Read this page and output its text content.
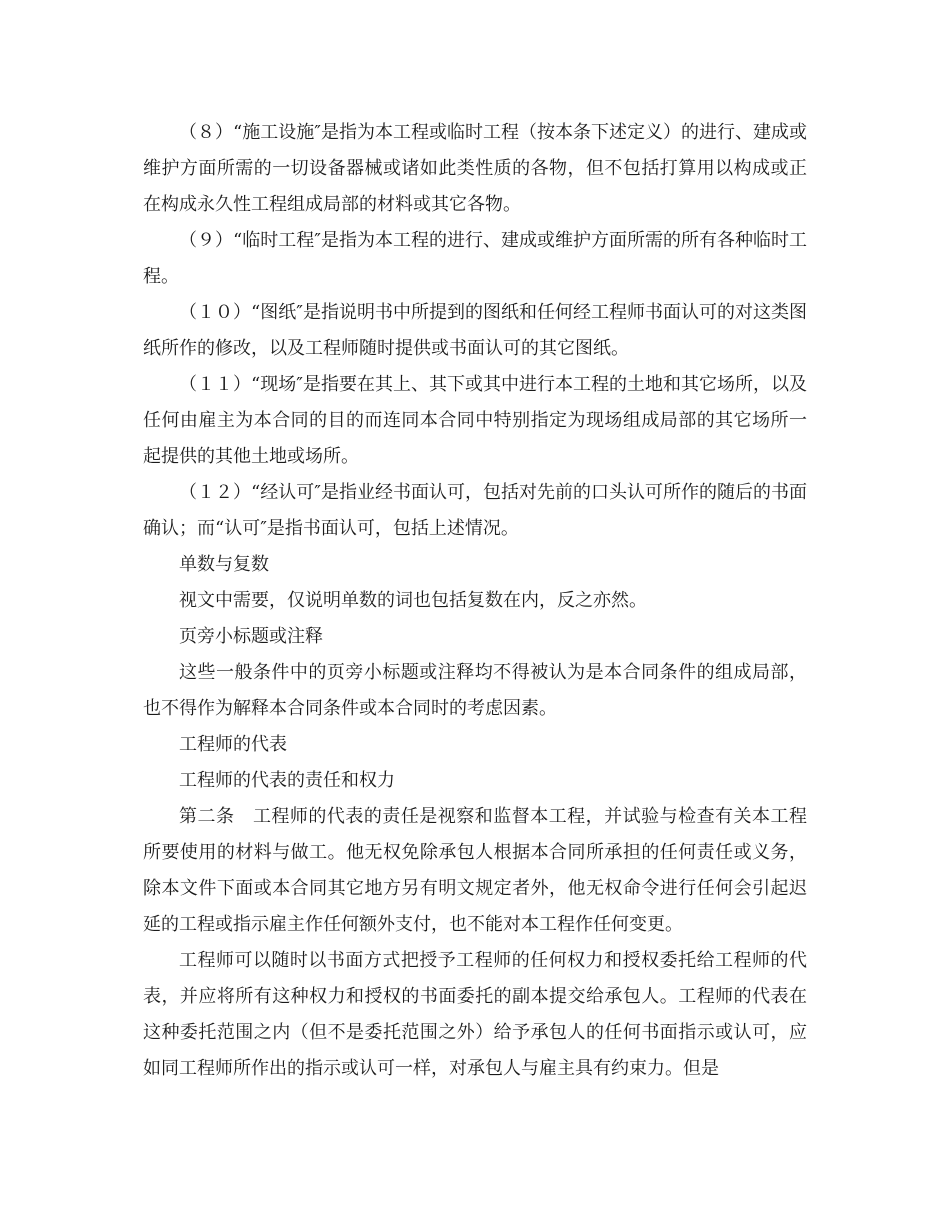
（８）“施工设施″是指为本工程或临时工程（按本条下述定义）的进行、建成或维护方面所需的一切设备器械或诸如此类性质的各物，但不包括打算用以构成或正在构成永久性工程组成局部的材料或其它各物。

（９）“临时工程″是指为本工程的进行、建成或维护方面所需的所有各种临时工程。

（１０）“图纸″是指说明书中所提到的图纸和任何经工程师书面认可的对这类图纸所作的修改，以及工程师随时提供或书面认可的其它图纸。

（１１）“现场″是指要在其上、其下或其中进行本工程的土地和其它场所，以及任何由雇主为本合同的目的而连同本合同中特别指定为现场组成局部的其它场所一起提供的其他土地或场所。

（１２）“经认可″是指业经书面认可，包括对先前的口头认可所作的随后的书面确认；而“认可″是指书面认可，包括上述情况。

单数与复数

视文中需要，仅说明单数的词也包括复数在内，反之亦然。

页旁小标题或注释

这些一般条件中的页旁小标题或注释均不得被认为是本合同条件的组成局部，也不得作为解释本合同条件或本合同时的考虑因素。

工程师的代表

工程师的代表的责任和权力

第二条　工程师的代表的责任是视察和监督本工程，并试验与检查有关本工程所要使用的材料与做工。他无权免除承包人根据本合同所承担的任何责任或义务，除本文件下面或本合同其它地方另有明文规定者外，他无权命令进行任何会引起迟延的工程或指示雇主作任何额外支付，也不能对本工程作任何变更。

工程师可以随时以书面方式把授予工程师的任何权力和授权委托给工程师的代表，并应将所有这种权力和授权的书面委托的副本提交给承包人。工程师的代表在这种委托范围之内（但不是委托范围之外）给予承包人的任何书面指示或认可，应如同工程师所作出的指示或认可一样，对承包人与雇主具有约束力。但是
